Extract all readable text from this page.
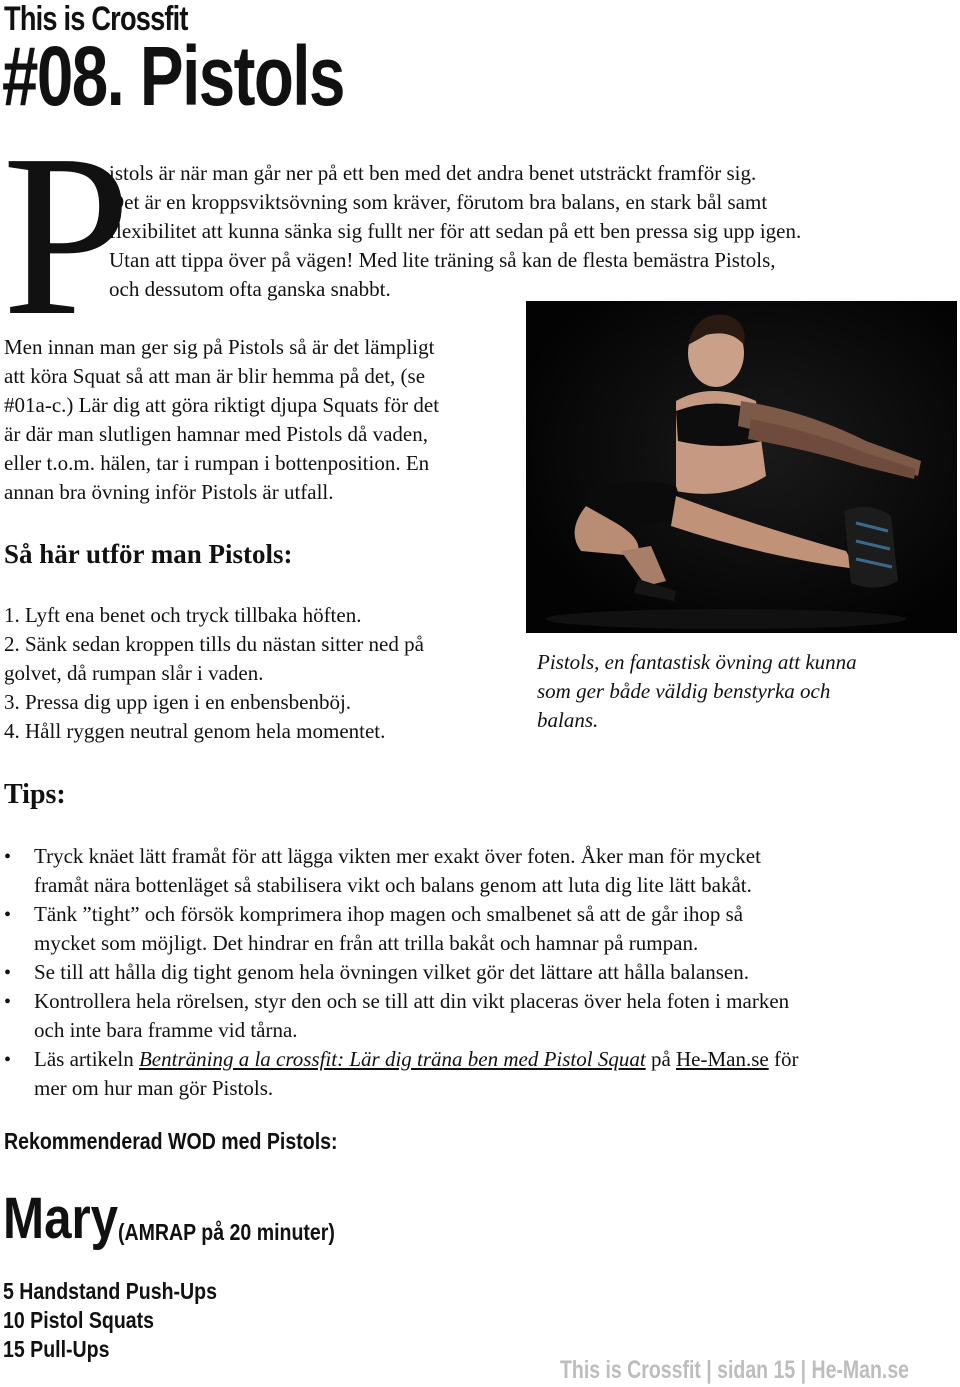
This is Crossfit
#08. Pistols
P
istols är när man går ner på ett ben med det andra benet utsträckt framför sig.
Det är en kroppsviktsövning som kräver, förutom bra balans, en stark bål samt
flexibilitet att kunna sänka sig fullt ner för att sedan på ett ben pressa sig upp igen.
Utan att tippa över på vägen! Med lite träning så kan de flesta bemästra Pistols,
och dessutom ofta ganska snabbt.
Men innan man ger sig på Pistols så är det lämpligt
att köra Squat så att man är blir hemma på det, (se
#01a-c.) Lär dig att göra riktigt djupa Squats för det
är där man slutligen hamnar med Pistols då vaden,
eller t.o.m. hälen, tar i rumpan i bottenposition. En
annan bra övning inför Pistols är utfall.
Så här utför man Pistols:
1. Lyft ena benet och tryck tillbaka höften.
2. Sänk sedan kroppen tills du nästan sitter ned på
golvet, då rumpan slår i vaden.
3. Pressa dig upp igen i en enbensbenböj.
4. Håll ryggen neutral genom hela momentet.
Pistols, en fantastisk övning att kunna
som ger både väldig benstyrka och
balans.
Tips:
• Tryck knäet lätt framåt för att lägga vikten mer exakt över foten. Åker man för mycket
framåt nära bottenläget så stabilisera vikt och balans genom att luta dig lite lätt bakåt.
• Tänk ”tight” och försök komprimera ihop magen och smalbenet så att de går ihop så
mycket som möjligt. Det hindrar en från att trilla bakåt och hamnar på rumpan.
• Se till att hålla dig tight genom hela övningen vilket gör det lättare att hålla balansen.
• Kontrollera hela rörelsen, styr den och se till att din vikt placeras över hela foten i marken
och inte bara framme vid tårna.
• Läs artikeln Benträning a la crossfit: Lär dig träna ben med Pistol Squat på He-Man.se för
mer om hur man gör Pistols.
Rekommenderad WOD med Pistols:
Mary (AMRAP på 20 minuter)
5 Handstand Push-Ups
10 Pistol Squats
15 Pull-Ups
This is Crossfit | sidan 15 | He-Man.se
